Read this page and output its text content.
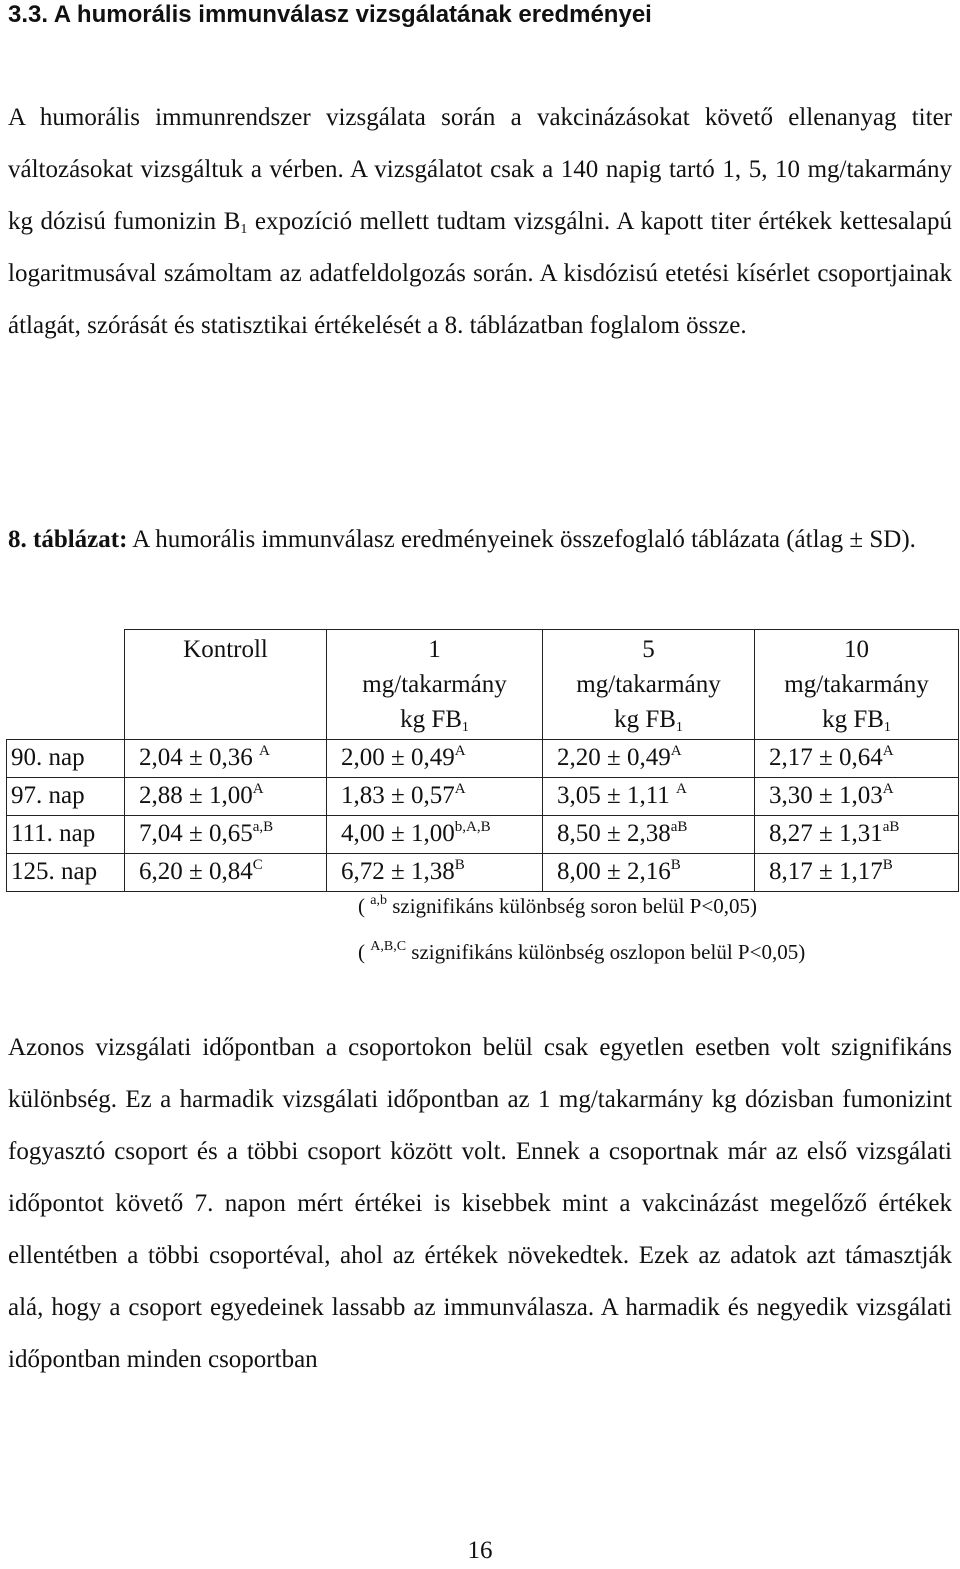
3.3. A humorális immunválasz vizsgálatának eredményei

A humorális immunrendszer vizsgálata során a vakcinázásokat követő ellenanyag titer változásokat vizsgáltuk a vérben. A vizsgálatot csak a 140 napig tartó 1, 5, 10 mg/takarmány kg dózisú fumonizin $B_1$ expozíció mellett tudtam vizsgálni. A kapott titer értékek kettesalapú logaritmusával számoltam az adatfeldolgozás során. A kisdózisú etetési kísérlet csoportjainak átlagát, szórását és statisztikai értékelését a 8. táblázatban foglalom össze.

8. táblázat: A humorális immunválasz eredményeinek összefoglaló táblázata (átlag ± SD).

	Kontroll	1
mg/takarmány
kg $FB_1$	5
mg/takarmány
kg $FB_1$	10
mg/takarmány
kg $FB_1$

90. nap	2,04 ± 0,36 $^A$	$2,00 \pm 0,49^A$	$2,20 \pm 0,49^A$	$2,17 \pm 0,64^A$
97. nap	$2,88 \pm 1,00^A$	$1,83 \pm 0,57^A$	3,05 ± 1,11 $^A$	$3,30 \pm 1,03^A$
111. nap	$7,04 \pm 0,65^{a,B}$	$4,00 \pm 1,00^{b,A,B}$	$8,50 \pm 2,38^{aB}$	$8,27 \pm 1,31^{aB}$
125. nap	$6,20 \pm 0,84^C$	$6,72 \pm 1,38^B$	$8,00 \pm 2,16^B$	$8,17 \pm 1,17^B$
( $^{a,b}$ szignifikáns különbség soron belül P<0,05)
( $^{A,B,C}$ szignifikáns különbség oszlopon belül P<0,05)

Azonos vizsgálati időpontban a csoportokon belül csak egyetlen esetben volt szignifikáns különbség. Ez a harmadik vizsgálati időpontban az 1 mg/takarmány kg dózisban fumonizint fogyasztó csoport és a többi csoport között volt. Ennek a csoportnak már az első vizsgálati időpontot követő 7. napon mért értékei is kisebbek mint a vakcinázást megelőző értékek ellentétben a többi csoportéval, ahol az értékek növekedtek. Ezek az adatok azt támasztják alá, hogy a csoport egyedeinek lassabb az immunválasza. A harmadik és negyedik vizsgálati időpontban minden csoportban

16
